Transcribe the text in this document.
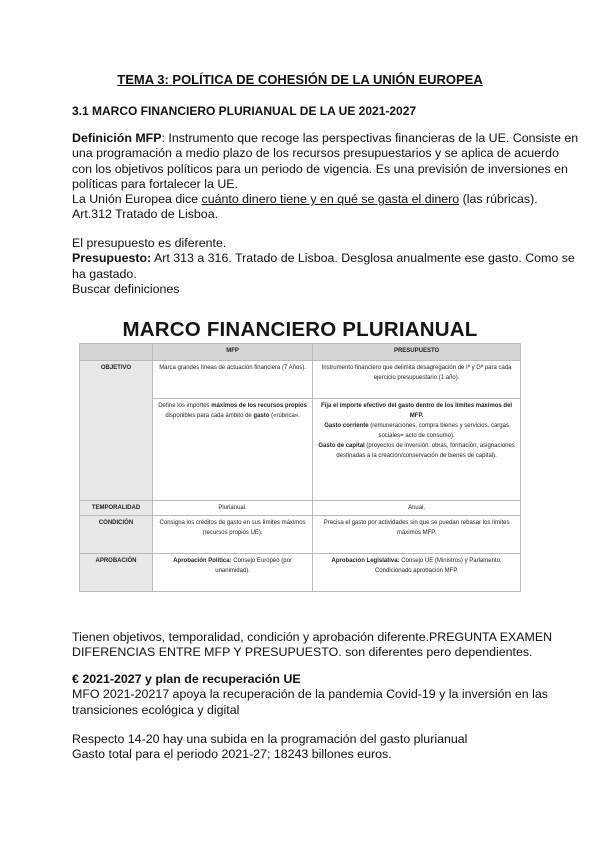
TEMA 3: POLÍTICA DE COHESIÓN DE LA UNIÓN EUROPEA
3.1 MARCO FINANCIERO PLURIANUAL DE LA UE 2021-2027
Definición MFP: Instrumento que recoge las perspectivas financieras de la UE. Consiste en
una programación a medio plazo de los recursos presupuestarios y se aplica de acuerdo
con los objetivos políticos para un periodo de vigencia. Es una previsión de inversiones en
políticas para fortalecer la UE.
La Unión Europea dice cuánto dinero tiene y en qué se gasta el dinero (las rúbricas).
Art.312 Tratado de Lisboa.
El presupuesto es diferente.
Presupuesto: Art 313 a 316. Tratado de Lisboa. Desglosa anualmente ese gasto. Como se
ha gastado.
Buscar definiciones
MARCO FINANCIERO PLURIANUAL
	MFP	PRESUPUESTO
OBJETIVO	Marca grandes líneas de actuación financiera (7 Años).	Instrumento financiero que delimita desagregación de Iª y Gª para cada ejercicio presupuestario (1 año).
	Define los importes máximos de los recursos propios disponibles para cada ámbito de gasto («rúbrica».	Fija el importe efectivo del gasto dentro de los límites máximos del MFP.
Gasto corriente (remuneraciones, compra bienes y servicios, cargas sociales= acto de consumo).
Gasto de capital (proyectos de inversión: obras, formación, asignaciones destinadas a la creación/conservación de bienes de capital).
TEMPORALIDAD	Plurianual.	Anual.
CONDICIÓN	Consigna los créditos de gasto en sus límites máximos (recursos propios UE).	Precisa el gasto por actividades sin que se puedan rebasar los límites máximos MFP.
APROBACIÓN	Aprobación Política: Consejo Europeo (por unanimidad).	Aprobación Legislativa: Consejo UE (Ministros) y Parlamento. Condicionado aprobación MFP.
Tienen objetivos, temporalidad, condición y aprobación diferente.PREGUNTA EXAMEN
DIFERENCIAS ENTRE MFP Y PRESUPUESTO. son diferentes pero dependientes.
€ 2021-2027 y plan de recuperación UE
MFO 2021-20217 apoya la recuperación de la pandemia Covid-19 y la inversión en las
transiciones ecológica y digital
Respecto 14-20 hay una subida en la programación del gasto plurianual
Gasto total para el periodo 2021-27; 18243 billones euros.
